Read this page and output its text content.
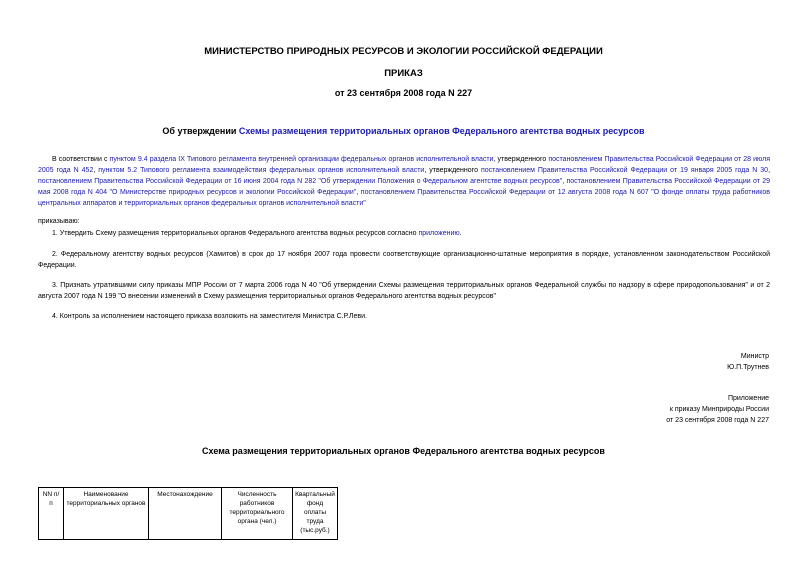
МИНИСТЕРСТВО ПРИРОДНЫХ РЕСУРСОВ И ЭКОЛОГИИ РОССИЙСКОЙ ФЕДЕРАЦИИ
ПРИКАЗ
от 23 сентября 2008 года N 227
Об утверждении Схемы размещения территориальных органов Федерального агентства водных ресурсов
В соответствии с пунктом 9.4 раздела IX Типового регламента внутренней организации федеральных органов исполнительной власти, утвержденного постановлением Правительства Российской Федерации от 28 июля 2005 года N 452, пунктом 5.2 Типового регламента взаимодействия федеральных органов исполнительной власти, утвержденного постановлением Правительства Российской Федерации от 19 января 2005 года N 30, постановлением Правительства Российской Федерации от 16 июня 2004 года N 282 "Об утверждении Положения о Федеральном агентстве водных ресурсов", постановлением Правительства Российской Федерации от 29 мая 2008 года N 404 "О Министерстве природных ресурсов и экологии Российской Федерации", постановлением Правительства Российской Федерации от 12 августа 2008 года N 607 "О фонде оплаты труда работников центральных аппаратов и территориальных органов федеральных органов исполнительной власти"
приказываю:
1. Утвердить Схему размещения территориальных органов Федерального агентства водных ресурсов согласно приложению.
2. Федеральному агентству водных ресурсов (Хамитов) в срок до 17 ноября 2007 года провести соответствующие организационно-штатные мероприятия в порядке, установленном законодательством Российской Федерации.
3. Признать утратившими силу приказы МПР России от 7 марта 2006 года N 40 "Об утверждении Схемы размещения территориальных органов Федеральной службы по надзору в сфере природопользования" и от 2 августа 2007 года N 199 "О внесении изменений в Схему размещения территориальных органов Федерального агентства водных ресурсов"
4. Контроль за исполнением настоящего приказа возложить на заместителя Министра С.Р.Леви.
Министр
Ю.П.Трутнев
Приложение
к приказу Минприроды России
от 23 сентября 2008 года N 227
Схема размещения территориальных органов Федерального агентства водных ресурсов
NN п/п	Наименование территориальных органов	Местонахождение	Численность работников территориального органа (чел.)	Квартальный фонд оплаты труда (тыс.руб.)
